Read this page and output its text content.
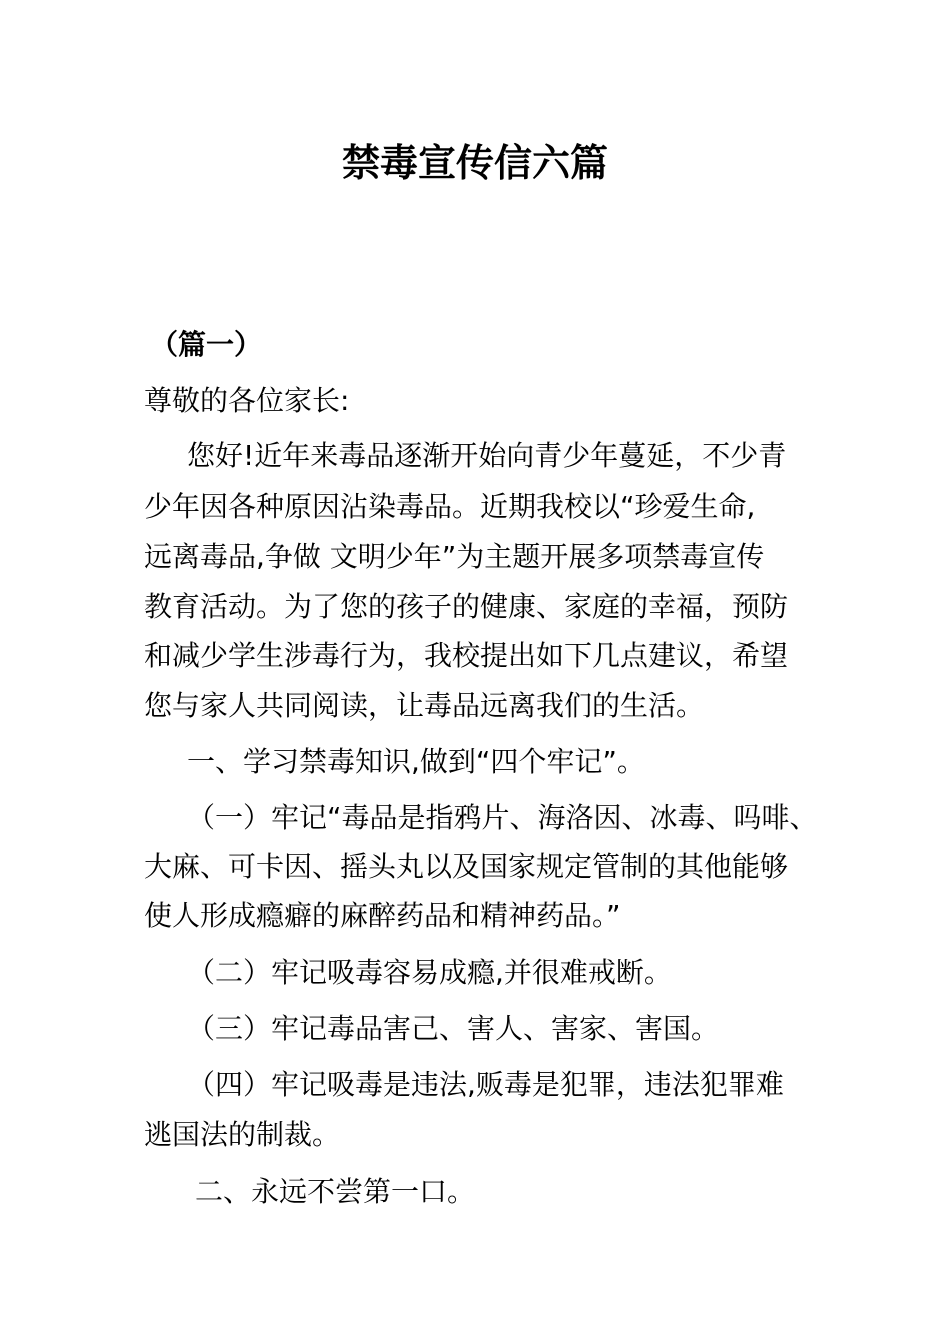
禁毒宣传信六篇
（篇一）
尊敬的各位家长:
您好!近年来毒品逐渐开始向青少年蔓延，不少青
少年因各种原因沾染毒品。近期我校以“珍爱生命,
远离毒品,争做 文明少年”为主题开展多项禁毒宣传
教育活动。为了您的孩子的健康、家庭的幸福，预防
和减少学生涉毒行为，我校提出如下几点建议，希望
您与家人共同阅读，让毒品远离我们的生活。
一、学习禁毒知识,做到“四个牢记”。
（一）牢记“毒品是指鸦片、海洛因、冰毒、吗啡、
大麻、可卡因、摇头丸以及国家规定管制的其他能够
使人形成瘾癖的麻醉药品和精神药品。”
（二）牢记吸毒容易成瘾,并很难戒断。
（三）牢记毒品害己、害人、害家、害国。
（四）牢记吸毒是违法,贩毒是犯罪，违法犯罪难
逃国法的制裁。
二、永远不尝第一口。
